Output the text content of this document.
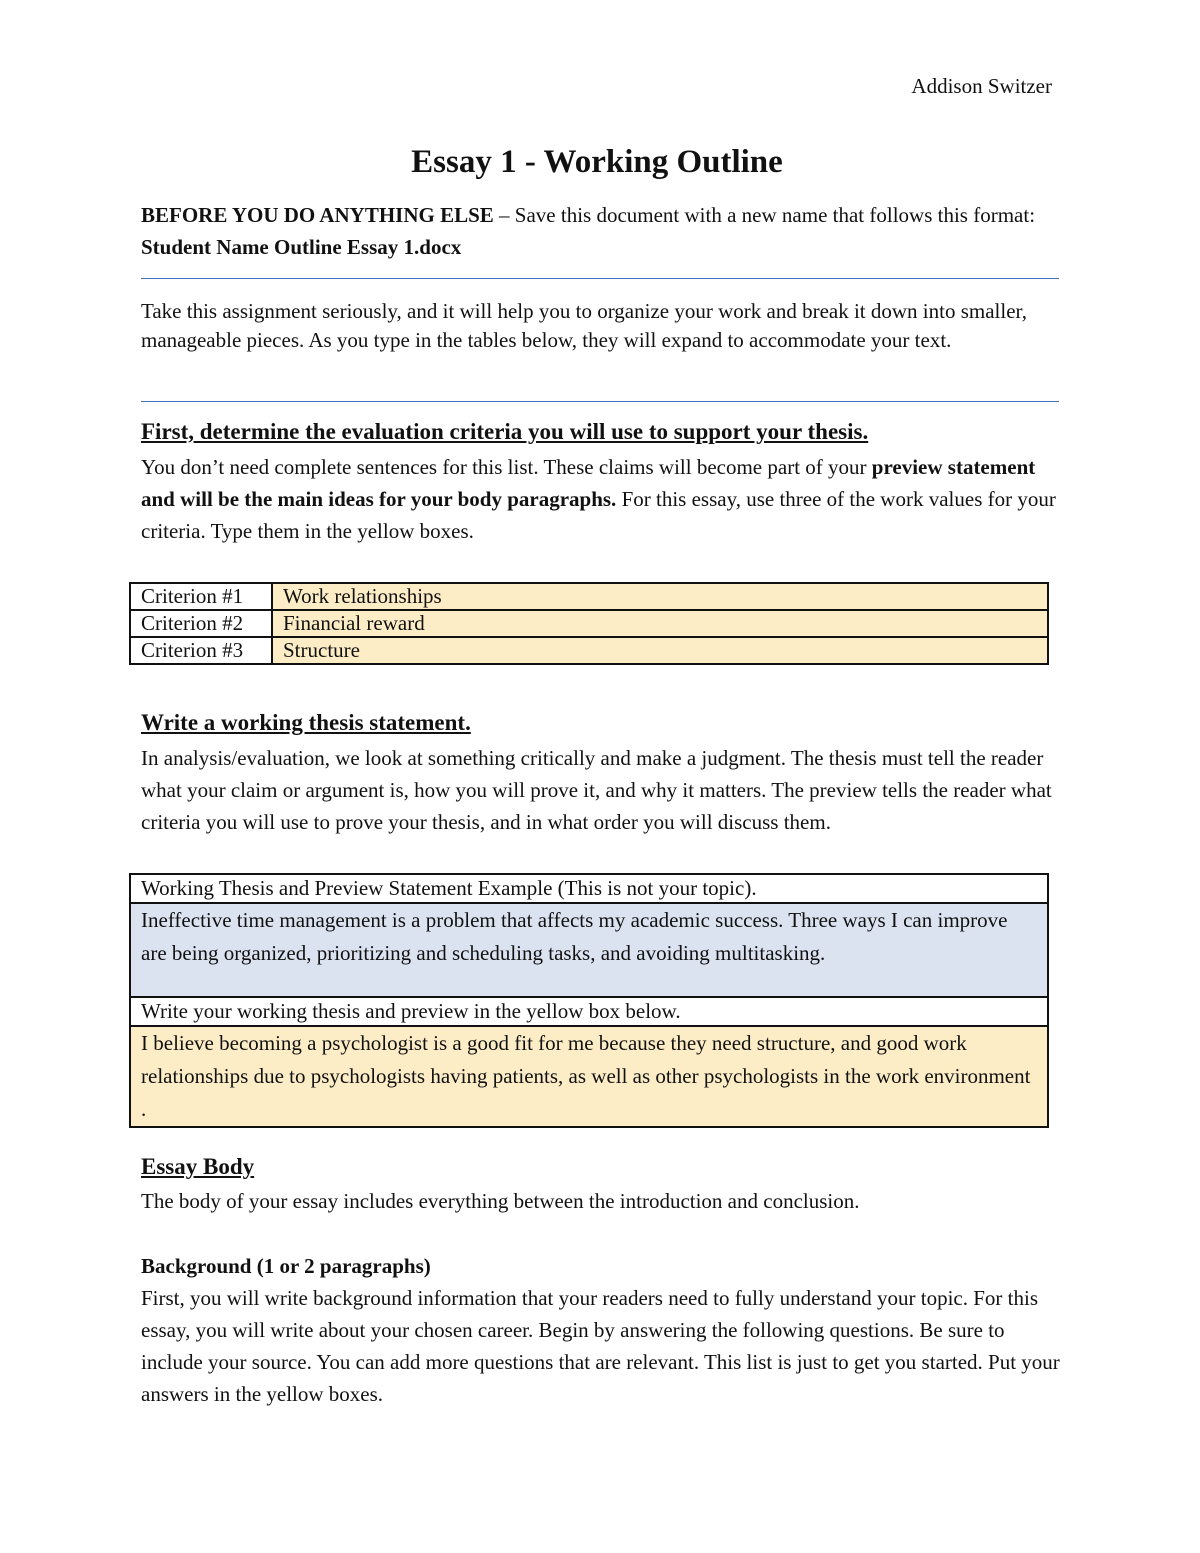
Addison Switzer
Essay 1 - Working Outline

BEFORE YOU DO ANYTHING ELSE – Save this document with a new name that follows this format: Student Name Outline Essay 1.docx

Take this assignment seriously, and it will help you to organize your work and break it down into smaller, manageable pieces. As you type in the tables below, they will expand to accommodate your text.

First, determine the evaluation criteria you will use to support your thesis.

You don’t need complete sentences for this list. These claims will become part of your preview statement and will be the main ideas for your body paragraphs. For this essay, use three of the work values for your criteria. Type them in the yellow boxes.

Criterion #1	Work relationships
Criterion #2	Financial reward
Criterion #3	Structure
Write a working thesis statement.

In analysis/evaluation, we look at something critically and make a judgment. The thesis must tell the reader what your claim or argument is, how you will prove it, and why it matters. The preview tells the reader what criteria you will use to prove your thesis, and in what order you will discuss them.

Working Thesis and Preview Statement Example (This is not your topic).
Ineffective time management is a problem that affects my academic success. Three ways I can improve are being organized, prioritizing and scheduling tasks, and avoiding multitasking.
Write your working thesis and preview in the yellow box below.
I believe becoming a psychologist is a good fit for me because they need structure, and good work relationships due to psychologists having patients, as well as other psychologists in the work environment .
Essay Body

The body of your essay includes everything between the introduction and conclusion.

Background (1 or 2 paragraphs)

First, you will write background information that your readers need to fully understand your topic. For this essay, you will write about your chosen career. Begin by answering the following questions. Be sure to include your source. You can add more questions that are relevant. This list is just to get you started. Put your answers in the yellow boxes.
